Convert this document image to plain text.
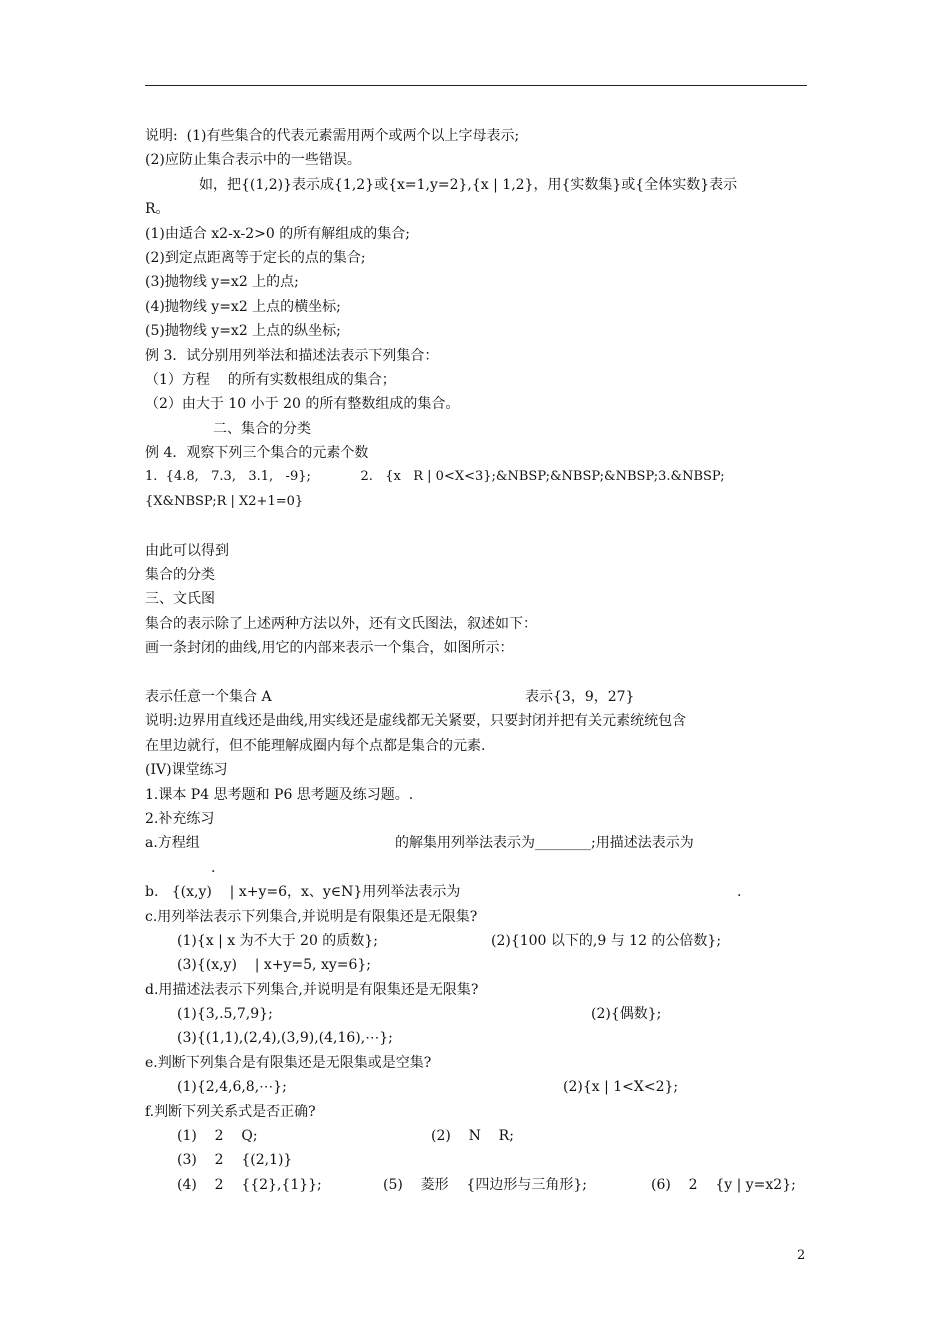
说明:  (1)有些集合的代表元素需用两个或两个以上字母表示;
(2)应防止集合表示中的一些错误。
如，把{(1,2)}表示成{1,2}或{x=1,y=2},{x | 1,2}，用{实数集}或{全体实数}表示
R。
(1)由适合 x2-x-2>0 的所有解组成的集合;
(2)到定点距离等于定长的点的集合;
(3)抛物线 y=x2 上的点;
(4)抛物线 y=x2 上点的横坐标;
(5)抛物线 y=x2 上点的纵坐标;
例 3．试分别用列举法和描述法表示下列集合：
（1）方程    的所有实数根组成的集合；
（2）由大于 10 小于 20 的所有整数组成的集合。
二、集合的分类
例 4．观察下列三个集合的元素个数
1.  {4.8,   7.3,   3.1,   -9};            2.   {x   R | 0<X<3};&NBSP;&NBSP;&NBSP;3.&NBSP;
{X&NBSP;R | X2+1=0}
由此可以得到
集合的分类
三、文氏图
集合的表示除了上述两种方法以外，还有文氏图法，叙述如下：
画一条封闭的曲线,用它的内部来表示一个集合，如图所示：
表示任意一个集合 A	表示{3，9，27}
说明:边界用直线还是曲线,用实线还是虚线都无关紧要，只要封闭并把有关元素统统包含
在里边就行，但不能理解成圈内每个点都是集合的元素.
(IV)课堂练习
1.课本 P4 思考题和 P6 思考题及练习题。.
2.补充练习
a.方程组	的解集用列举法表示为________;用描述法表示为
.
b.   {(x,y)    | x+y=6，x、y∈N}用列举法表示为	.
c.用列举法表示下列集合,并说明是有限集还是无限集?
(1){x | x 为不大于 20 的质数};	(2){100 以下的,9 与 12 的公倍数};
(3){(x,y)    | x+y=5, xy=6};
d.用描述法表示下列集合,并说明是有限集还是无限集?
(1){3,.5,7,9};	(2){偶数};
(3){(1,1),(2,4),(3,9),(4,16),⋯};
e.判断下列集合是有限集还是无限集或是空集?
(1){2,4,6,8,⋯};	(2){x | 1<X<2};
f.判断下列关系式是否正确?
(1)    2    Q;	(2)    N    R;
(3)    2    {(2,1)}
(4)    2    {{2},{1}};	(5)    菱形    {四边形与三角形};	(6)    2    {y | y=x2};
2
